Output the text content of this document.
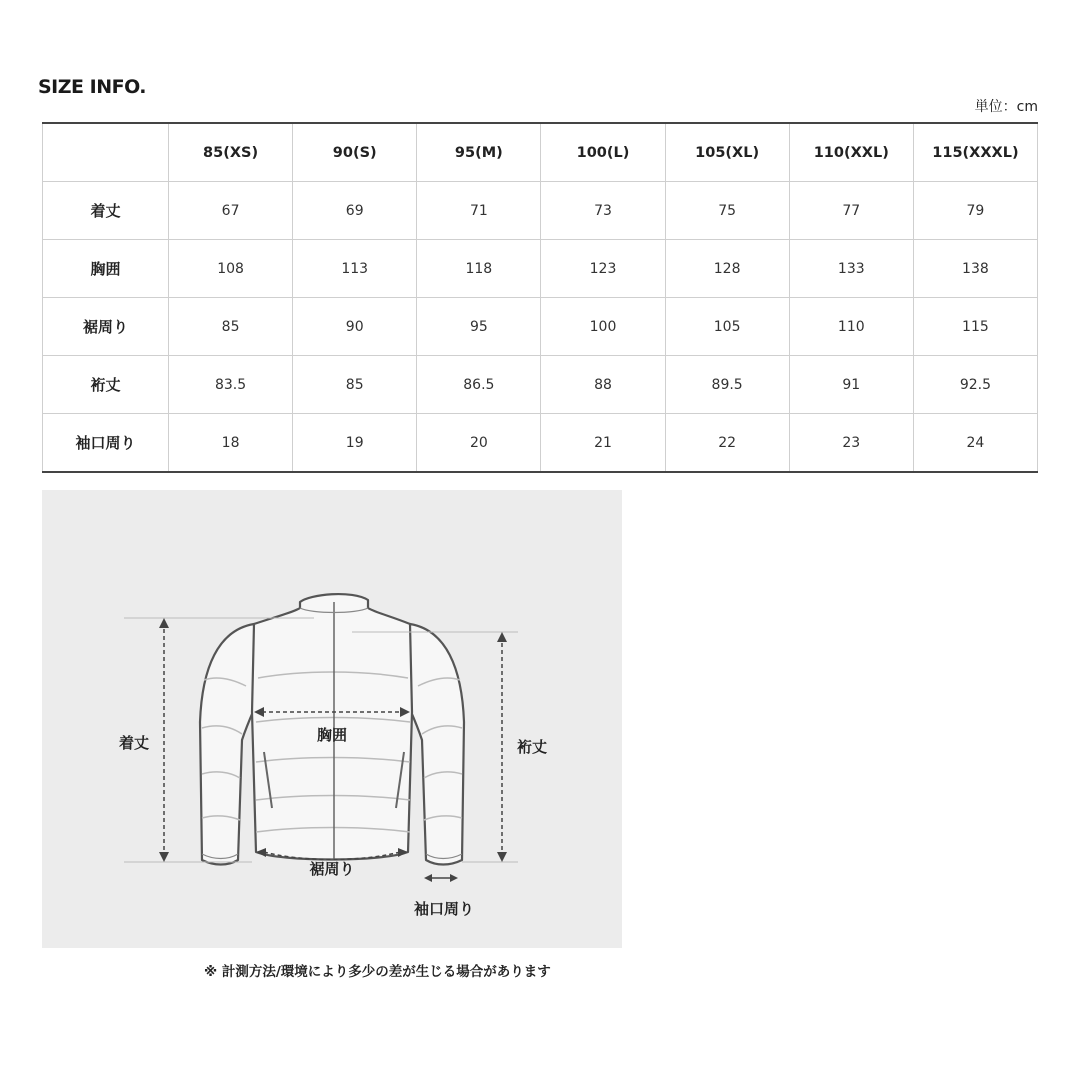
SIZE INFO.
単位：cm
	85(XS)	90(S)	95(M)	100(L)	105(XL)	110(XXL)	115(XXXL)
着丈	67	69	71	73	75	77	79
胸囲	108	113	118	123	128	133	138
裾周り	85	90	95	100	105	110	115
裄丈	83.5	85	86.5	88	89.5	91	92.5
袖口周り	18	19	20	21	22	23	24
着丈	胸囲
裾周り
裄丈
袖口周り
※ 計測方法/環境により多少の差が生じる場合があります
